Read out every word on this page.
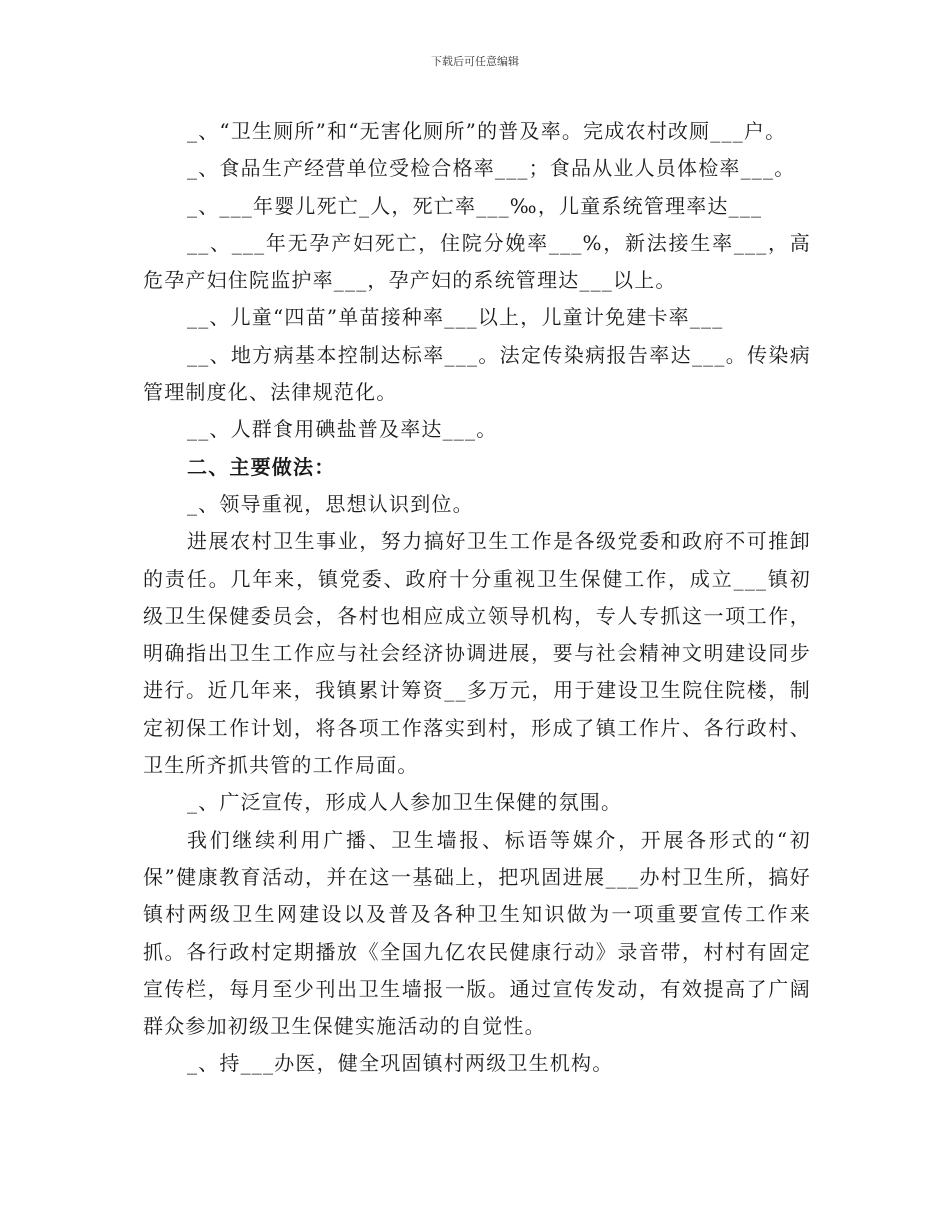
下载后可任意编辑

_、“卫生厕所”和“无害化厕所”的普及率。完成农村改厕___户。

_、食品生产经营单位受检合格率___；食品从业人员体检率___。

_、___年婴儿死亡_人，死亡率___‰，儿童系统管理率达___

__、___年无孕产妇死亡，住院分娩率___%，新法接生率___，高危孕产妇住院监护率___，孕产妇的系统管理达___以上。

__、儿童“四苗”单苗接种率___以上，儿童计免建卡率___

__、地方病基本控制达标率___。法定传染病报告率达___。传染病管理制度化、法律规范化。

__、人群食用碘盐普及率达___。

二、主要做法：

_、领导重视，思想认识到位。

进展农村卫生事业，努力搞好卫生工作是各级党委和政府不可推卸的责任。几年来，镇党委、政府十分重视卫生保健工作，成立___镇初级卫生保健委员会，各村也相应成立领导机构，专人专抓这一项工作，明确指出卫生工作应与社会经济协调进展，要与社会精神文明建设同步进行。近几年来，我镇累计筹资__多万元，用于建设卫生院住院楼，制定初保工作计划，将各项工作落实到村，形成了镇工作片、各行政村、卫生所齐抓共管的工作局面。

_、广泛宣传，形成人人参加卫生保健的氛围。

我们继续利用广播、卫生墙报、标语等媒介，开展各形式的“初保”健康教育活动，并在这一基础上，把巩固进展___办村卫生所，搞好镇村两级卫生网建设以及普及各种卫生知识做为一项重要宣传工作来抓。各行政村定期播放《全国九亿农民健康行动》录音带，村村有固定宣传栏，每月至少刊出卫生墙报一版。通过宣传发动，有效提高了广阔群众参加初级卫生保健实施活动的自觉性。

_、持___办医，健全巩固镇村两级卫生机构。
